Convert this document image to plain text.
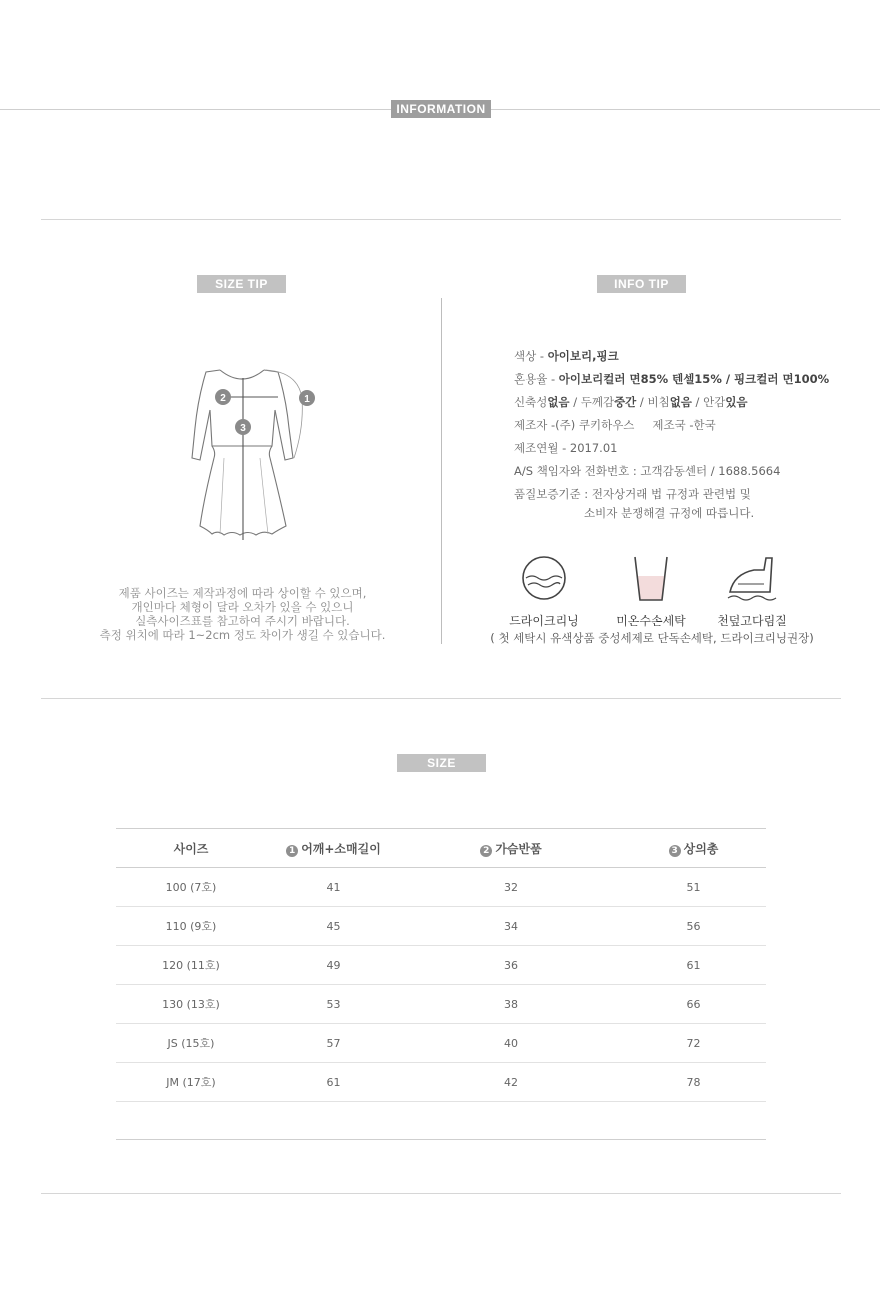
INFORMATION
SIZE TIP	INFO TIP
1
2
3
제품 사이즈는 제작과정에 따라 상이할 수 있으며,
개인마다 체형이 달라 오차가 있을 수 있으니
실측사이즈표를 참고하여 주시기 바랍니다.
측정 위치에 따라 1~2cm 정도 차이가 생길 수 있습니다.
색상 - 아이보리,핑크
혼용율 - 아이보리컬러 면85% 텐셀15% / 핑크컬러 면100%
신축성없음 / 두께감중간 / 비침없음 / 안감있음
제조자 -(주) 쿠키하우스 제조국 -한국
제조연월 - 2017.01
A/S 책임자와 전화번호 : 고객감동센터 / 1688.5664
품질보증기준 : 전자상거래 법 규정과 관련법 및
소비자 분쟁해결 규정에 따릅니다.
드라이크리닝	미온수손세탁	천덮고다림질
( 첫 세탁시 유색상품 중성세제로 단독손세탁, 드라이크리닝권장)
SIZE
사이즈	1 어깨+소매길이	2 가슴반품	3 상의총
100 (7호)	41	32	51
110 (9호)	45	34	56
120 (11호)	49	36	61
130 (13호)	53	38	66
JS (15호)	57	40	72
JM (17호)	61	42	78
